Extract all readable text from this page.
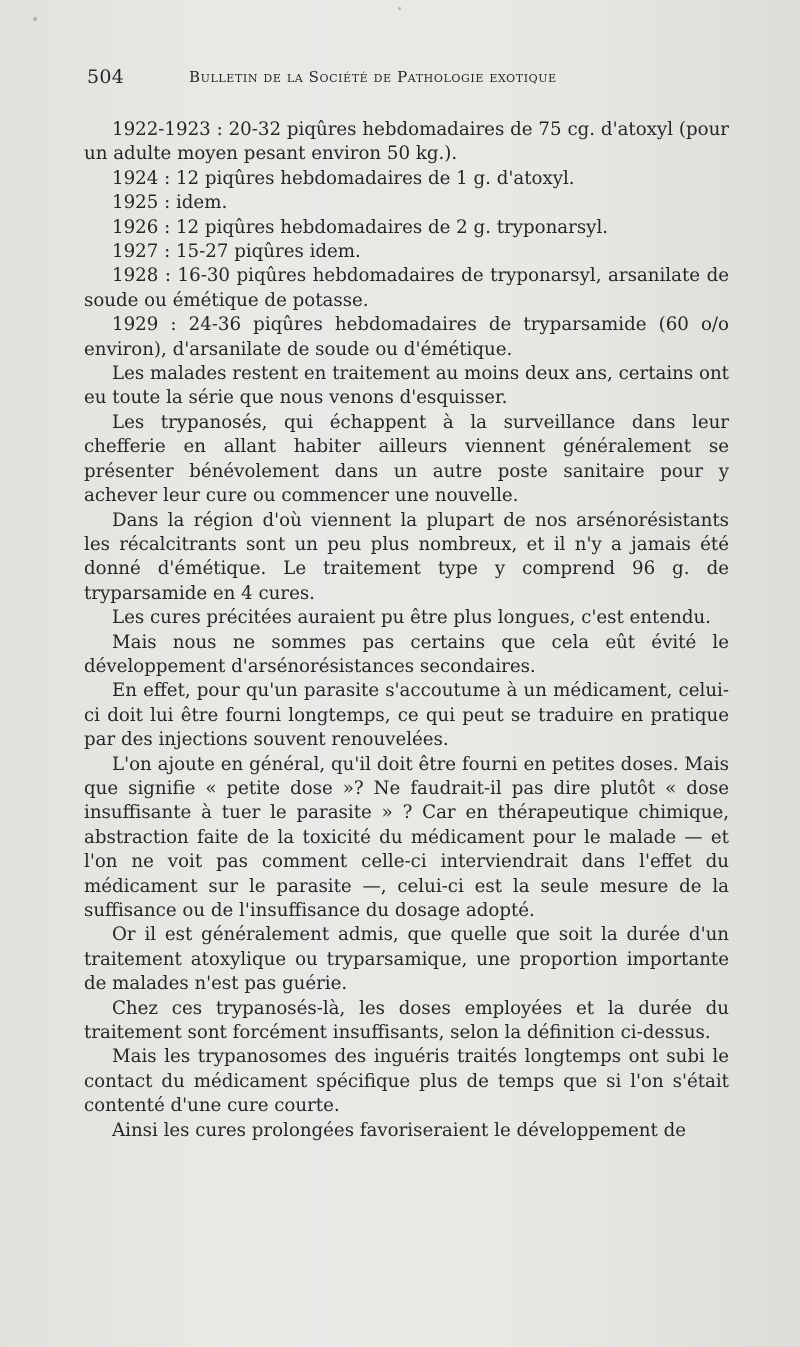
504	Bulletin de la Société de Pathologie exotique

1922-1923 : 20-32 piqûres hebdomadaires de 75 cg. d'atoxyl (pour un adulte moyen pesant environ 50 kg.).

1924 : 12 piqûres hebdomadaires de 1 g. d'atoxyl.

1925 : idem.

1926 : 12 piqûres hebdomadaires de 2 g. tryponarsyl.

1927 : 15-27 piqûres idem.

1928 : 16-30 piqûres hebdomadaires de tryponarsyl, arsanilate de soude ou émétique de potasse.

1929 : 24-36 piqûres hebdomadaires de tryparsamide (60 o/o environ), d'arsanilate de soude ou d'émétique.

Les malades restent en traitement au moins deux ans, certains ont eu toute la série que nous venons d'esquisser.

Les trypanosés, qui échappent à la surveillance dans leur chefferie en allant habiter ailleurs viennent généralement se présenter bénévolement dans un autre poste sanitaire pour y achever leur cure ou commencer une nouvelle.

Dans la région d'où viennent la plupart de nos arsénorésistants les récalcitrants sont un peu plus nombreux, et il n'y a jamais été donné d'émétique. Le traitement type y comprend 96 g. de tryparsamide en 4 cures.

Les cures précitées auraient pu être plus longues, c'est entendu.

Mais nous ne sommes pas certains que cela eût évité le développement d'arsénorésistances secondaires.

En effet, pour qu'un parasite s'accoutume à un médicament, celui-ci doit lui être fourni longtemps, ce qui peut se traduire en pratique par des injections souvent renouvelées.

L'on ajoute en général, qu'il doit être fourni en petites doses. Mais que signifie « petite dose »? Ne faudrait-il pas dire plutôt « dose insuffisante à tuer le parasite » ? Car en thérapeutique chimique, abstraction faite de la toxicité du médicament pour le malade — et l'on ne voit pas comment celle-ci interviendrait dans l'effet du médicament sur le parasite —, celui-ci est la seule mesure de la suffisance ou de l'insuffisance du dosage adopté.

Or il est généralement admis, que quelle que soit la durée d'un traitement atoxylique ou tryparsamique, une proportion importante de malades n'est pas guérie.

Chez ces trypanosés-là, les doses employées et la durée du traitement sont forcément insuffisants, selon la définition ci-dessus.

Mais les trypanosomes des inguéris traités longtemps ont subi le contact du médicament spécifique plus de temps que si l'on s'était contenté d'une cure courte.

Ainsi les cures prolongées favoriseraient le développement de
